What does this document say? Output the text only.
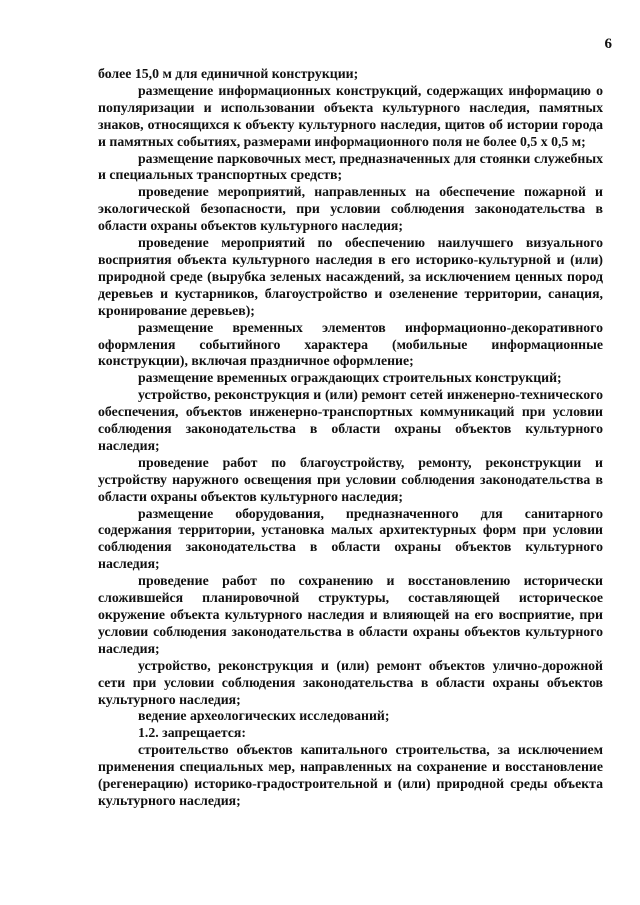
6

более 15,0 м для единичной конструкции;

размещение информационных конструкций, содержащих информацию о популяризации и использовании объекта культурного наследия, памятных знаков, относящихся к объекту культурного наследия, щитов об истории города и памятных событиях, размерами информационного поля не более 0,5 х 0,5 м;

размещение парковочных мест, предназначенных для стоянки служебных и специальных транспортных средств;

проведение мероприятий, направленных на обеспечение пожарной и экологической безопасности, при условии соблюдения законодательства в области охраны объектов культурного наследия;

проведение мероприятий по обеспечению наилучшего визуального восприятия объекта культурного наследия в его историко-культурной и (или) природной среде (вырубка зеленых насаждений, за исключением ценных пород деревьев и кустарников, благоустройство и озеленение территории, санация, кронирование деревьев);

размещение временных элементов информационно-декоративного оформления событийного характера (мобильные информационные конструкции), включая праздничное оформление;

размещение временных ограждающих строительных конструкций;

устройство, реконструкция и (или) ремонт сетей инженерно-технического обеспечения, объектов инженерно-транспортных коммуникаций при условии соблюдения законодательства в области охраны объектов культурного наследия;

проведение работ по благоустройству, ремонту, реконструкции и устройству наружного освещения при условии соблюдения законодательства в области охраны объектов культурного наследия;

размещение оборудования, предназначенного для санитарного содержания территории, установка малых архитектурных форм при условии соблюдения законодательства в области охраны объектов культурного наследия;

проведение работ по сохранению и восстановлению исторически сложившейся планировочной структуры, составляющей историческое окружение объекта культурного наследия и влияющей на его восприятие, при условии соблюдения законодательства в области охраны объектов культурного наследия;

устройство, реконструкция и (или) ремонт объектов улично-дорожной сети при условии соблюдения законодательства в области охраны объектов культурного наследия;

ведение археологических исследований;

1.2. запрещается:

строительство объектов капитального строительства, за исключением применения специальных мер, направленных на сохранение и восстановление (регенерацию) историко-градостроительной и (или) природной среды объекта культурного наследия;
